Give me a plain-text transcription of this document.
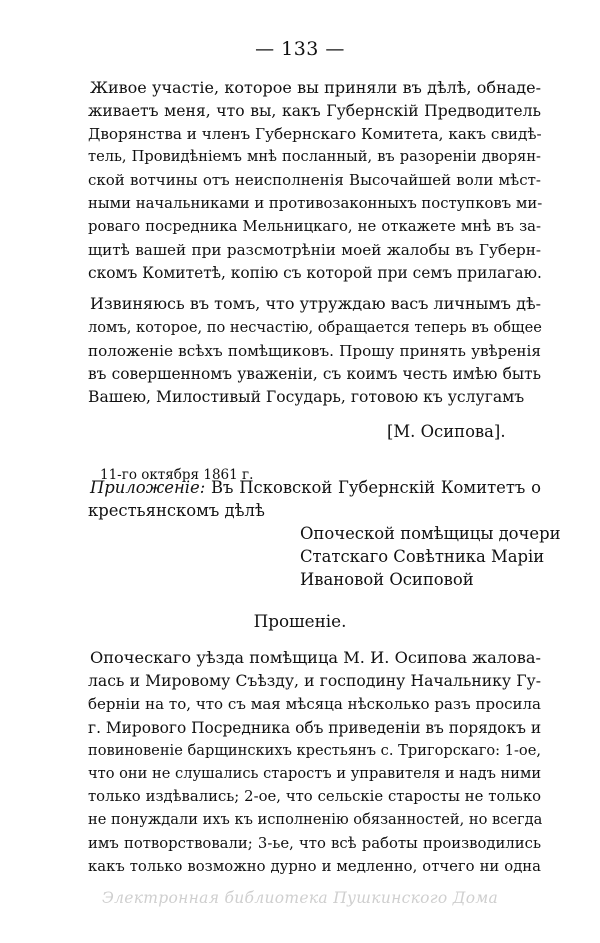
— 133 —
Живое участіе, которое вы приняли въ дѣлѣ, обнаде-
живаетъ меня, что вы, какъ Губернскій Предводитель
Дворянства и членъ Губернскаго Комитета, какъ свидѣ-
тель, Провидѣніемъ мнѣ посланный, въ разореніи дворян-
ской вотчины отъ неисполненія Высочайшей воли мѣст-
ными начальниками и противозаконныхъ поступковъ ми-
роваго посредника Мельницкаго, не откажете мнѣ въ за-
щитѣ вашей при разсмотрѣніи моей жалобы въ Губерн-
скомъ Комитетѣ, копію съ которой при семъ прилагаю.
Извиняюсь въ томъ, что утруждаю васъ личнымъ дѣ-
ломъ, которое, по несчастію, обращается теперь въ общее
положеніе всѣхъ помѣщиковъ. Прошу принять увѣренія
въ совершенномъ уваженіи, съ коимъ честь имѣю быть
Вашею, Милостивый Государь, готовою къ услугамъ
[М. Осипова].
11-го октября 1861 г.
Приложеніе: Въ Псковской Губернскій Комитетъ о
крестьянскомъ дѣлѣ
Опоческой помѣщицы дочери
Статскаго Совѣтника Маріи
Ивановой Осиповой
Прошеніе.
Опоческаго уѣзда помѣщица М. И. Осипова жалова-
лась и Мировому Съѣзду, и господину Начальнику Гу-
берніи на то, что съ мая мѣсяца нѣсколько разъ просила
г. Мирового Посредника объ приведеніи въ порядокъ и
повиновеніе барщинскихъ крестьянъ с. Тригорскаго: 1-ое,
что они не слушались старостъ и управителя и надъ ними
только издѣвались; 2-ое, что сельскіе старосты не только
не понуждали ихъ къ исполненію обязанностей, но всегда
имъ потворствовали; 3-ье, что всѣ работы производились
какъ только возможно дурно и медленно, отчего ни одна
Электронная библиотека Пушкинского Дома
